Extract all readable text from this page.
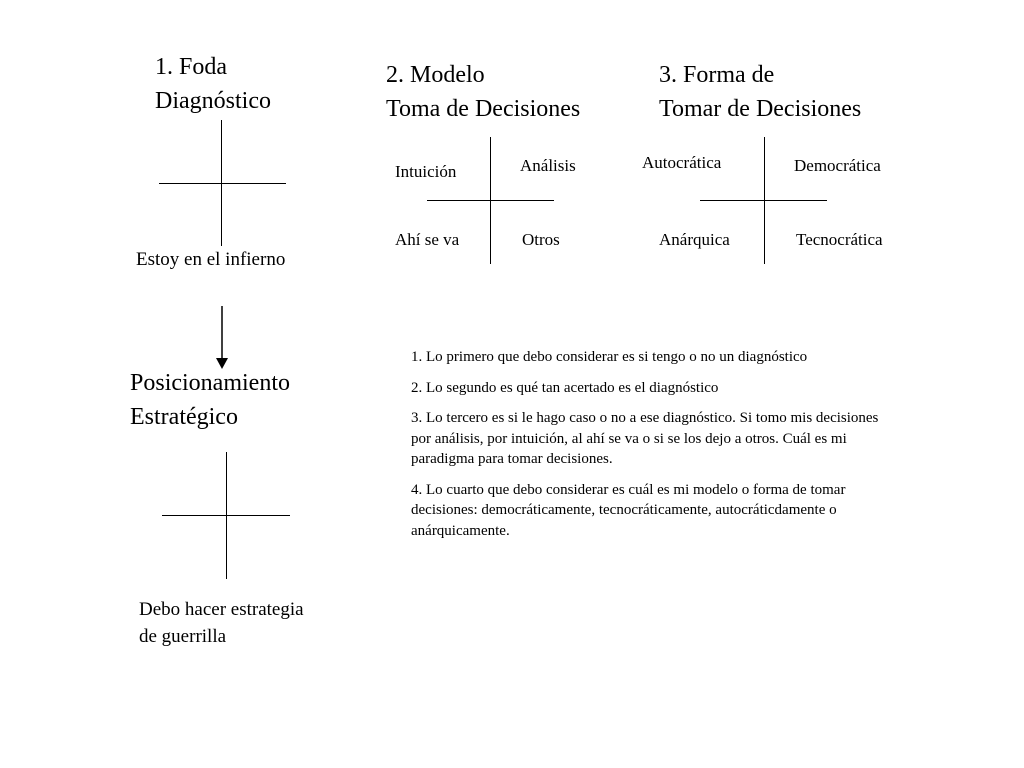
1. Foda
Diagnóstico
Estoy en el infierno
2. Modelo
Toma de Decisiones
Intuición	Análisis
Ahí se va	Otros
3. Forma de
Tomar de Decisiones
Autocrática	Democrática
Anárquica	Tecnocrática
Posicionamiento
Estratégico
Debo hacer estrategia
de guerrilla
1. Lo primero que debo considerar es si tengo o no un diagnóstico
2. Lo segundo es qué tan acertado es el diagnóstico
3. Lo tercero es si le hago caso o no a ese diagnóstico. Si tomo mis decisiones por análisis, por intuición, al ahí se va o si se los dejo a otros. Cuál es mi paradigma para tomar decisiones.
4. Lo cuarto que debo considerar es cuál es mi modelo o forma de tomar decisiones: democráticamente, tecnocráticamente, autocráticdamente o anárquicamente.
